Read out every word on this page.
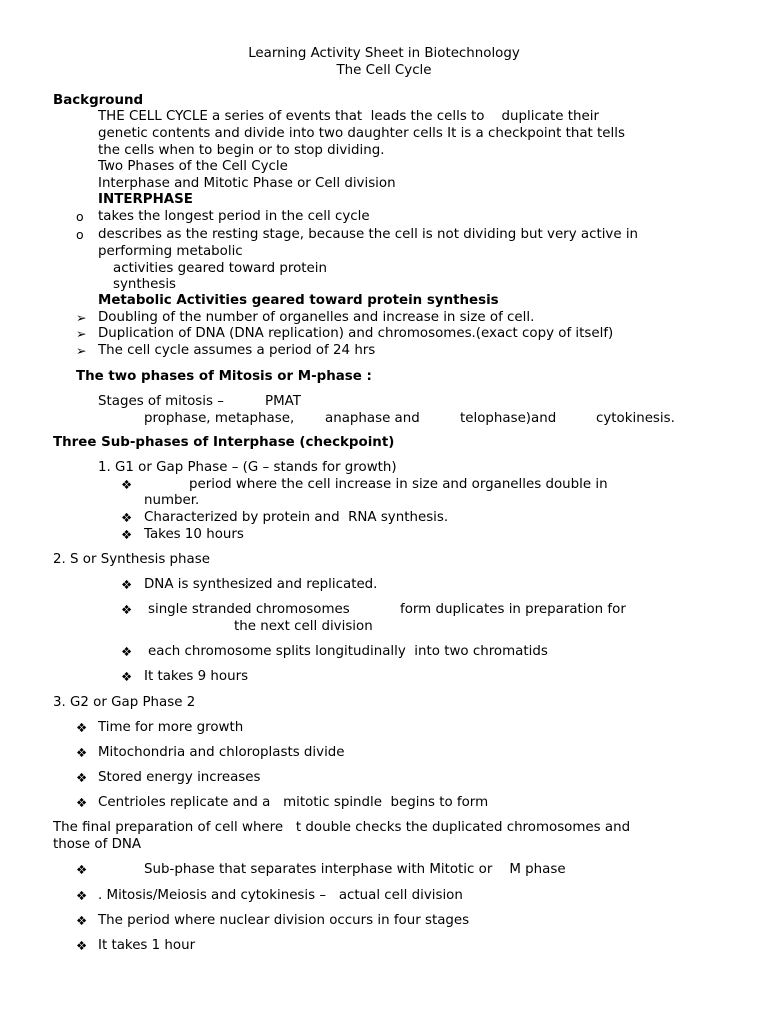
Learning Activity Sheet in Biotechnology
The Cell Cycle
Background
THE CELL CYCLE a series of events that  leads the cells to    duplicate their
genetic contents and divide into two daughter cells It is a checkpoint that tells
the cells when to begin or to stop dividing.
Two Phases of the Cell Cycle
Interphase and Mitotic Phase or Cell division
INTERPHASE
o takes the longest period in the cell cycle
o describes as the resting stage, because the cell is not dividing but very active in
performing metabolic
activities geared toward protein
synthesis
Metabolic Activities geared toward protein synthesis
➢ Doubling of the number of organelles and increase in size of cell.
➢ Duplication of DNA (DNA replication) and chromosomes.(exact copy of itself)
➢ The cell cycle assumes a period of 24 hrs
The two phases of Mitosis or M-phase :
Stages of mitosis –	PMAT
prophase, metaphase, anaphase and	telophase)and	cytokinesis.
Three Sub-phases of Interphase (checkpoint)
1. G1 or Gap Phase – (G – stands for growth)
❖	period where the cell increase in size and organelles double in
number.
❖ Characterized by protein and  RNA synthesis.
❖ Takes 10 hours
2. S or Synthesis phase
❖ DNA is synthesized and replicated.
❖ single stranded chromosomes	form duplicates in preparation for
the next cell division
❖ each chromosome splits longitudinally  into two chromatids
❖ It takes 9 hours
3. G2 or Gap Phase 2
❖ Time for more growth
❖ Mitochondria and chloroplasts divide
❖ Stored energy increases
❖ Centrioles replicate and a   mitotic spindle  begins to form
The final preparation of cell where   t double checks the duplicated chromosomes and
those of DNA
❖	Sub-phase that separates interphase with Mitotic or    M phase
❖ . Mitosis/Meiosis and cytokinesis –   actual cell division
❖ The period where nuclear division occurs in four stages
❖ It takes 1 hour
